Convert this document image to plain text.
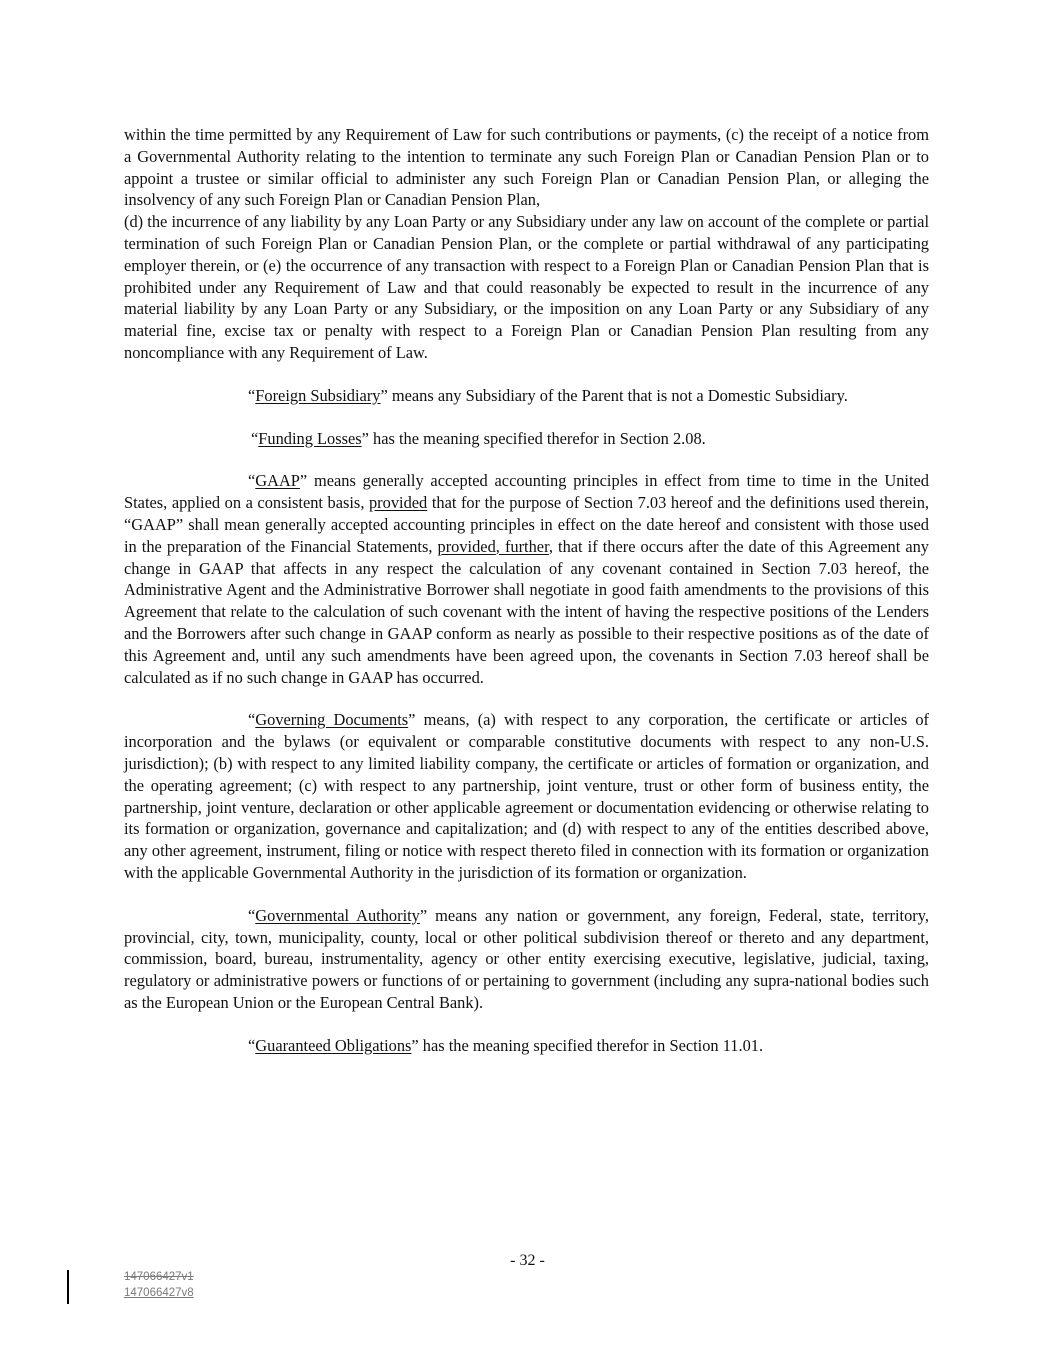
within the time permitted by any Requirement of Law for such contributions or payments, (c) the receipt of a notice from a Governmental Authority relating to the intention to terminate any such Foreign Plan or Canadian Pension Plan or to appoint a trustee or similar official to administer any such Foreign Plan or Canadian Pension Plan, or alleging the insolvency of any such Foreign Plan or Canadian Pension Plan,
(d) the incurrence of any liability by any Loan Party or any Subsidiary under any law on account of the complete or partial termination of such Foreign Plan or Canadian Pension Plan, or the complete or partial withdrawal of any participating employer therein, or (e) the occurrence of any transaction with respect to a Foreign Plan or Canadian Pension Plan that is prohibited under any Requirement of Law and that could reasonably be expected to result in the incurrence of any material liability by any Loan Party or any Subsidiary, or the imposition on any Loan Party or any Subsidiary of any material fine, excise tax or penalty with respect to a Foreign Plan or Canadian Pension Plan resulting from any noncompliance with any Requirement of Law.

“Foreign Subsidiary” means any Subsidiary of the Parent that is not a Domestic Subsidiary.

“Funding Losses” has the meaning specified therefor in Section 2.08.

“GAAP” means generally accepted accounting principles in effect from time to time in the United States, applied on a consistent basis, provided that for the purpose of Section 7.03 hereof and the definitions used therein, “GAAP” shall mean generally accepted accounting principles in effect on the date hereof and consistent with those used in the preparation of the Financial Statements, provided, further, that if there occurs after the date of this Agreement any change in GAAP that affects in any respect the calculation of any covenant contained in Section 7.03 hereof, the Administrative Agent and the Administrative Borrower shall negotiate in good faith amendments to the provisions of this Agreement that relate to the calculation of such covenant with the intent of having the respective positions of the Lenders and the Borrowers after such change in GAAP conform as nearly as possible to their respective positions as of the date of this Agreement and, until any such amendments have been agreed upon, the covenants in Section 7.03 hereof shall be calculated as if no such change in GAAP has occurred.

“Governing Documents” means, (a) with respect to any corporation, the certificate or articles of incorporation and the bylaws (or equivalent or comparable constitutive documents with respect to any non-U.S. jurisdiction); (b) with respect to any limited liability company, the certificate or articles of formation or organization, and the operating agreement; (c) with respect to any partnership, joint venture, trust or other form of business entity, the partnership, joint venture, declaration or other applicable agreement or documentation evidencing or otherwise relating to its formation or organization, governance and capitalization; and (d) with respect to any of the entities described above, any other agreement, instrument, filing or notice with respect thereto filed in connection with its formation or organization with the applicable Governmental Authority in the jurisdiction of its formation or organization.

“Governmental Authority” means any nation or government, any foreign, Federal, state, territory, provincial, city, town, municipality, county, local or other political subdivision thereof or thereto and any department, commission, board, bureau, instrumentality, agency or other entity exercising executive, legislative, judicial, taxing, regulatory or administrative powers or functions of or pertaining to government (including any supra-national bodies such as the European Union or the European Central Bank).

“Guaranteed Obligations” has the meaning specified therefor in Section 11.01.

- 32 -
147066427v1
147066427v8
